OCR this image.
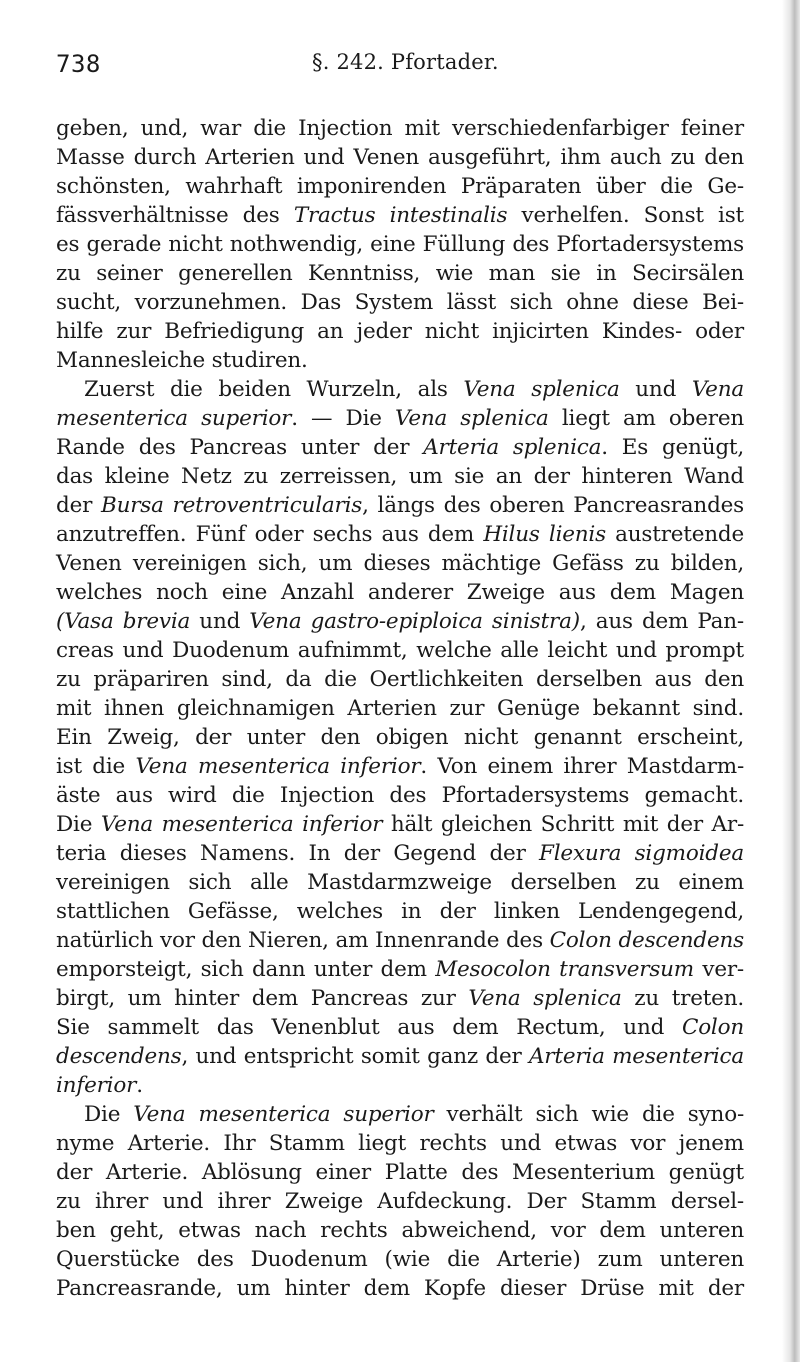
738	§. 242. Pfortader.
geben, und, war die Injection mit verschiedenfarbiger feiner
Masse durch Arterien und Venen ausgeführt, ihm auch zu den
schönsten, wahrhaft imponirenden Präparaten über die Ge-
fässverhältnisse des Tractus intestinalis verhelfen. Sonst ist
es gerade nicht nothwendig, eine Füllung des Pfortadersystems
zu seiner generellen Kenntniss, wie man sie in Secirsälen
sucht, vorzunehmen. Das System lässt sich ohne diese Bei-
hilfe zur Befriedigung an jeder nicht injicirten Kindes- oder
Mannesleiche studiren.
Zuerst die beiden Wurzeln, als Vena splenica und Vena
mesenterica superior. — Die Vena splenica liegt am oberen
Rande des Pancreas unter der Arteria splenica. Es genügt,
das kleine Netz zu zerreissen, um sie an der hinteren Wand
der Bursa retroventricularis, längs des oberen Pancreasrandes
anzutreffen. Fünf oder sechs aus dem Hilus lienis austretende
Venen vereinigen sich, um dieses mächtige Gefäss zu bilden,
welches noch eine Anzahl anderer Zweige aus dem Magen
(Vasa brevia und Vena gastro-epiploica sinistra), aus dem Pan-
creas und Duodenum aufnimmt, welche alle leicht und prompt
zu präpariren sind, da die Oertlichkeiten derselben aus den
mit ihnen gleichnamigen Arterien zur Genüge bekannt sind.
Ein Zweig, der unter den obigen nicht genannt erscheint,
ist die Vena mesenterica inferior. Von einem ihrer Mastdarm-
äste aus wird die Injection des Pfortadersystems gemacht.
Die Vena mesenterica inferior hält gleichen Schritt mit der Ar-
teria dieses Namens. In der Gegend der Flexura sigmoidea
vereinigen sich alle Mastdarmzweige derselben zu einem
stattlichen Gefässe, welches in der linken Lendengegend,
natürlich vor den Nieren, am Innenrande des Colon descendens
emporsteigt, sich dann unter dem Mesocolon transversum ver-
birgt, um hinter dem Pancreas zur Vena splenica zu treten.
Sie sammelt das Venenblut aus dem Rectum, und Colon
descendens, und entspricht somit ganz der Arteria mesenterica
inferior.
Die Vena mesenterica superior verhält sich wie die syno-
nyme Arterie. Ihr Stamm liegt rechts und etwas vor jenem
der Arterie. Ablösung einer Platte des Mesenterium genügt
zu ihrer und ihrer Zweige Aufdeckung. Der Stamm dersel-
ben geht, etwas nach rechts abweichend, vor dem unteren
Querstücke des Duodenum (wie die Arterie) zum unteren
Pancreasrande, um hinter dem Kopfe dieser Drüse mit der
